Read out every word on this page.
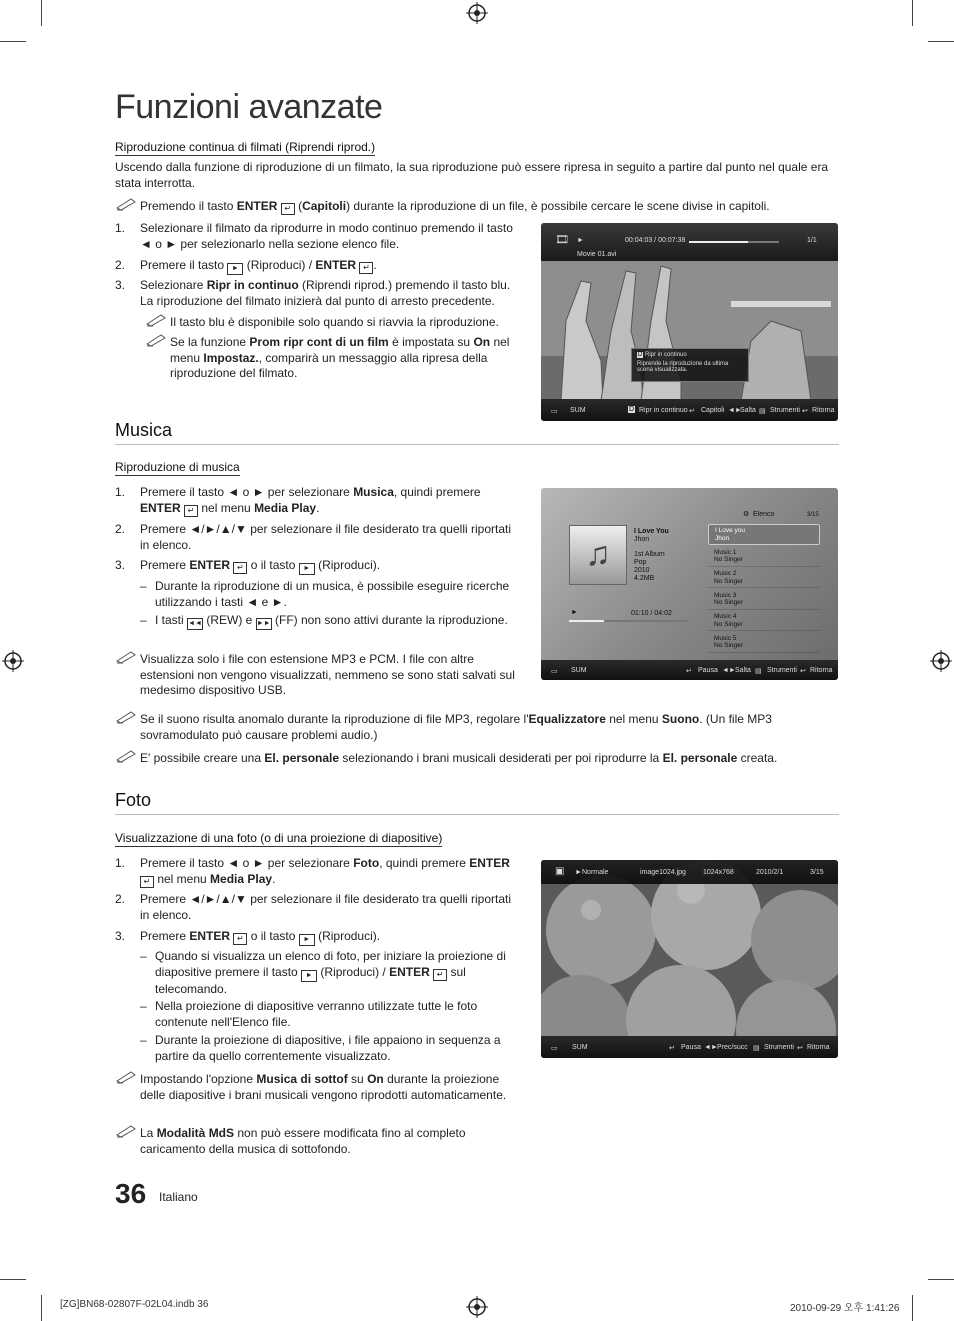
Funzioni avanzate
Riproduzione continua di filmati (Riprendi riprod.)
Uscendo dalla funzione di riproduzione di un filmato, la sua riproduzione può essere ripresa in seguito a partire dal punto nel quale era stata interrotta.
Premendo il tasto ENTER ↵ (Capitoli) durante la riproduzione di un file, è possibile cercare le scene divise in capitoli.
1. Selezionare il filmato da riprodurre in modo continuo premendo il tasto ◄ o ► per selezionarlo nella sezione elenco file.
2. Premere il tasto ► (Riproduci) / ENTER ↵ .
3. Selezionare Ripr in continuo (Riprendi riprod.) premendo il tasto blu. La riproduzione del filmato inizierà dal punto di arresto precedente.
Il tasto blu è disponibile solo quando si riavvia la riproduzione.
Se la funzione Prom ripr cont di un film è impostata su On nel menu Impostaz., comparirà un messaggio alla ripresa della riproduzione del filmato.
🎞 ►	00:04:03 / 00:07:38	1/1
Movie 01.avi
D Ripr in continuo
Riprende la riproduzione da ultima scena visualizzata.
▭ SUM	D Ripr in continuo ↵ Capitoli ◄►
Salta ▤ Strumenti ↩ Ritorna
Musica
Riproduzione di musica
1. Premere il tasto ◄ o ► per selezionare Musica, quindi premere ENTER ↵ nel menu Media Play.
2. Premere ◄/►/▲/▼ per selezionare il file desiderato tra quelli riportati in elenco.
3. Premere ENTER ↵ o il tasto ► (Riproduci).
– Durante la riproduzione di un musica, è possibile eseguire ricerche utilizzando i tasti ◄ e ►.
– I tasti ◄◄ (REW) e ►► (FF) non sono attivi durante la riproduzione.
Visualizza solo i file con estensione MP3 e PCM. I file con altre estensioni non vengono visualizzati, nemmeno se sono stati salvati sul medesimo dispositivo USB.
Se il suono risulta anomalo durante la riproduzione di file MP3, regolare l'Equalizzatore nel menu Suono. (Un file MP3 sovramodulato può causare problemi audio.)
E' possibile creare una El. personale selezionando i brani musicali desiderati per poi riprodurre la El. personale creata.
♫
I Love You
Jhon
1st Album
Pop
2010
4.2MB
►	01:10 / 04:02
⚙ Elenco	3/15
I Love you
Jhon
Music 1
No Singer
Music 2
No Singer
Music 3
No Singer
Music 4
No Singer
Music 5
No Singer
▭ SUM	↵ Pausa ◄► Salta ▤ Strumenti ↩ Ritorna
Foto
Visualizzazione di una foto (o di una proiezione di diapositive)
1. Premere il tasto ◄ o ► per selezionare Foto, quindi premere ENTER ↵ nel menu Media Play.
2. Premere ◄/►/▲/▼ per selezionare il file desiderato tra quelli riportati in elenco.
3. Premere ENTER ↵ o il tasto ► (Riproduci).
– Quando si visualizza un elenco di foto, per iniziare la proiezione di diapositive premere il tasto ► (Riproduci) / ENTER ↵ sul telecomando.
– Nella proiezione di diapositive verranno utilizzate tutte le foto contenute nell'Elenco file.
– Durante la proiezione di diapositive, i file appaiono in sequenza a partire da quello correntemente visualizzato.
Impostando l'opzione Musica di sottof su On durante la proiezione delle diapositive i brani musicali vengono riprodotti automaticamente.
La Modalità MdS non può essere modificata fino al completo caricamento della musica di sottofondo.
▣ ► Normale	image1024.jpg 1024x768	2010/2/1	3/15
▭ SUM	↵ Pausa ◄► Prec/succ ▤ Strumenti ↩ Ritorna
36 Italiano
[ZG]BN68-02807F-02L04.indb 36	2010-09-29 오후 1:41:26
